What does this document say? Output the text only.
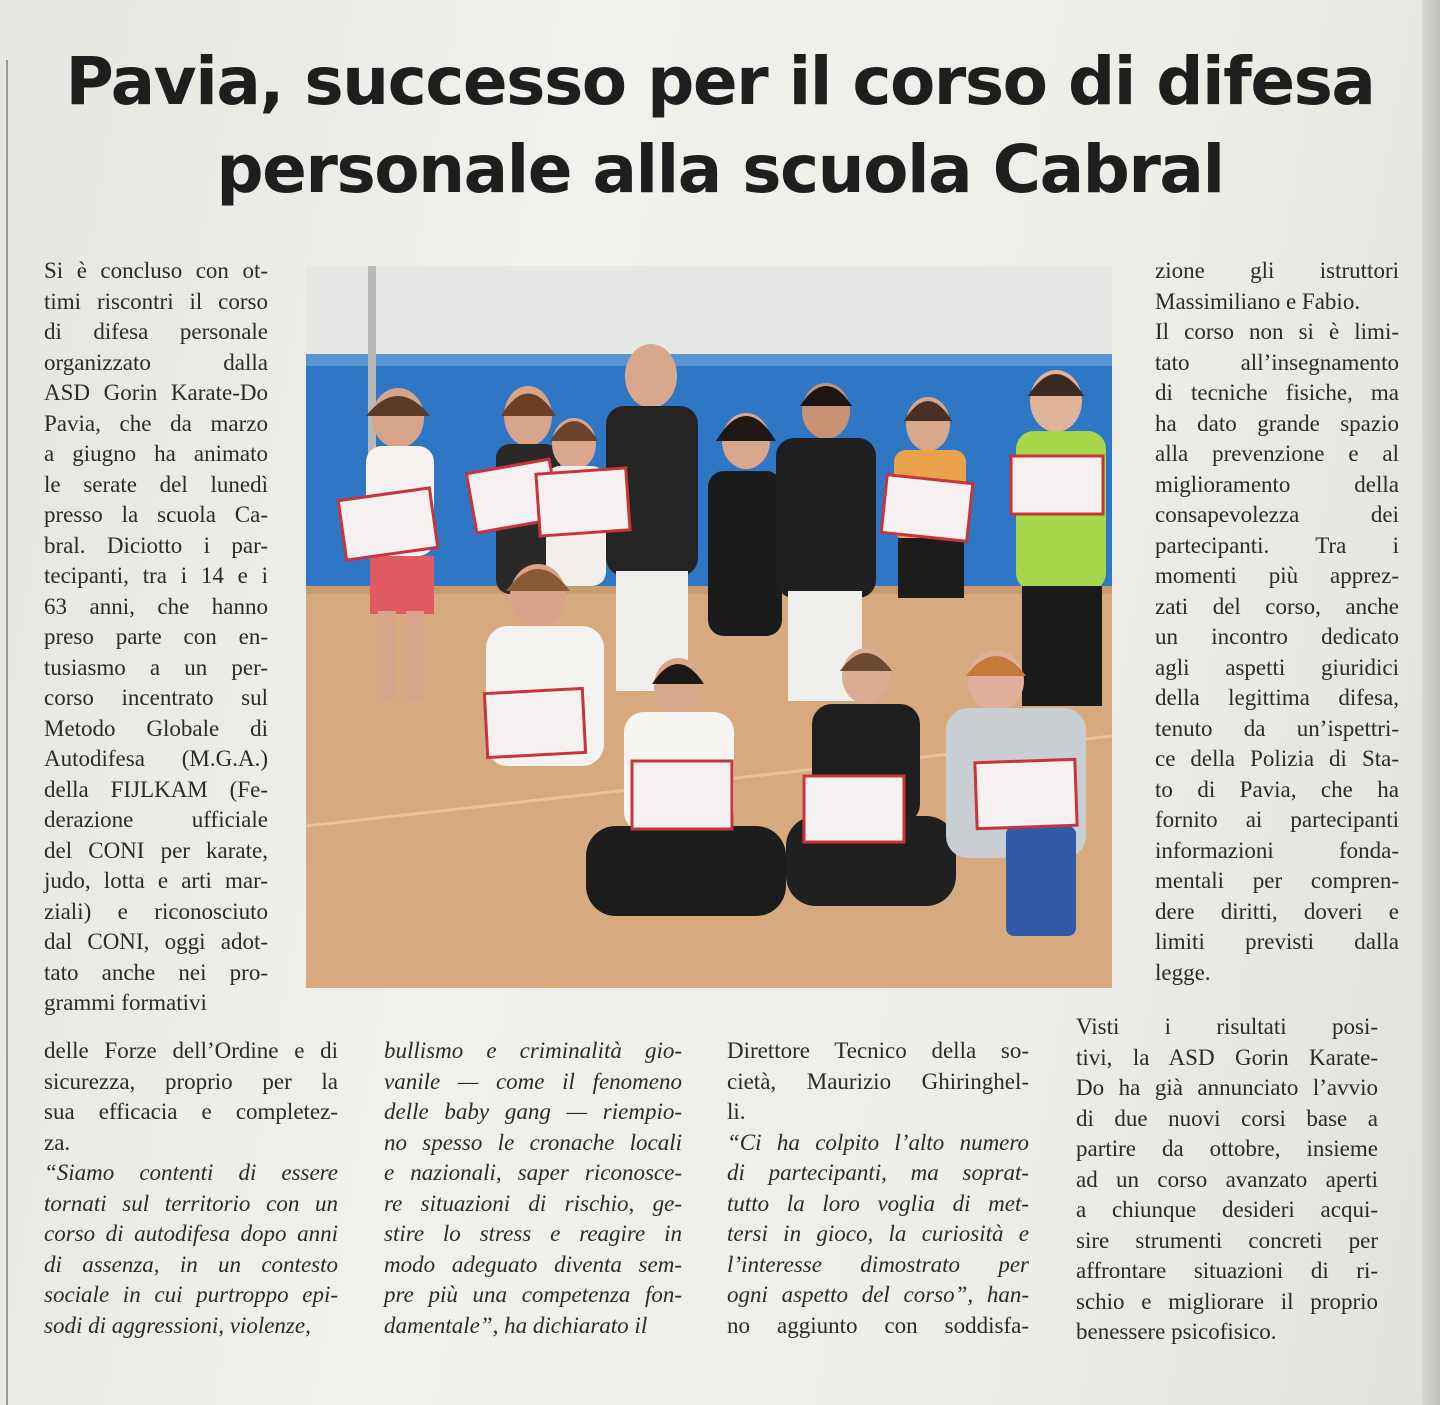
Pavia, successo per il corso di difesa
personale alla scuola Cabral
Si è concluso con ot-
timi riscontri il corso
di difesa personale
organizzato dalla
ASD Gorin Karate-Do
Pavia, che da marzo
a giugno ha animato
le serate del lunedì
presso la scuola Ca-
bral. Diciotto i par-
tecipanti, tra i 14 e i
63 anni, che hanno
preso parte con en-
tusiasmo a un per-
corso incentrato sul
Metodo Globale di
Autodifesa (M.G.A.)
della FIJLKAM (Fe-
derazione ufficiale
del CONI per karate,
judo, lotta e arti mar-
ziali) e riconosciuto
dal CONI, oggi adot-
tato anche nei pro-
grammi formativi
zione gli istruttori
Massimiliano e Fabio.
Il corso non si è limi-
tato all’insegnamento
di tecniche fisiche, ma
ha dato grande spazio
alla prevenzione e al
miglioramento della
consapevolezza dei
partecipanti. Tra i
momenti più apprez-
zati del corso, anche
un incontro dedicato
agli aspetti giuridici
della legittima difesa,
tenuto da un’ispettri-
ce della Polizia di Sta-
to di Pavia, che ha
fornito ai partecipanti
informazioni fonda-
mentali per compren-
dere diritti, doveri e
limiti previsti dalla
legge.
delle Forze dell’Ordine e di
sicurezza, proprio per la
sua efficacia e completez-
za.
“Siamo contenti di essere
tornati sul territorio con un
corso di autodifesa dopo anni
di assenza, in un contesto
sociale in cui purtroppo epi-
sodi di aggressioni, violenze,
bullismo e criminalità gio-
vanile — come il fenomeno
delle baby gang — riempio-
no spesso le cronache locali
e nazionali, saper riconosce-
re situazioni di rischio, ge-
stire lo stress e reagire in
modo adeguato diventa sem-
pre più una competenza fon-
damentale”, ha dichiarato il
Direttore Tecnico della so-
cietà, Maurizio Ghiringhel-
li.
“Ci ha colpito l’alto numero
di partecipanti, ma soprat-
tutto la loro voglia di met-
tersi in gioco, la curiosità e
l’interesse dimostrato per
ogni aspetto del corso”, han-
no aggiunto con soddisfa-
Visti i risultati posi-
tivi, la ASD Gorin Karate-
Do ha già annunciato l’avvio
di due nuovi corsi base a
partire da ottobre, insieme
ad un corso avanzato aperti
a chiunque desideri acqui-
sire strumenti concreti per
affrontare situazioni di ri-
schio e migliorare il proprio
benessere psicofisico.
